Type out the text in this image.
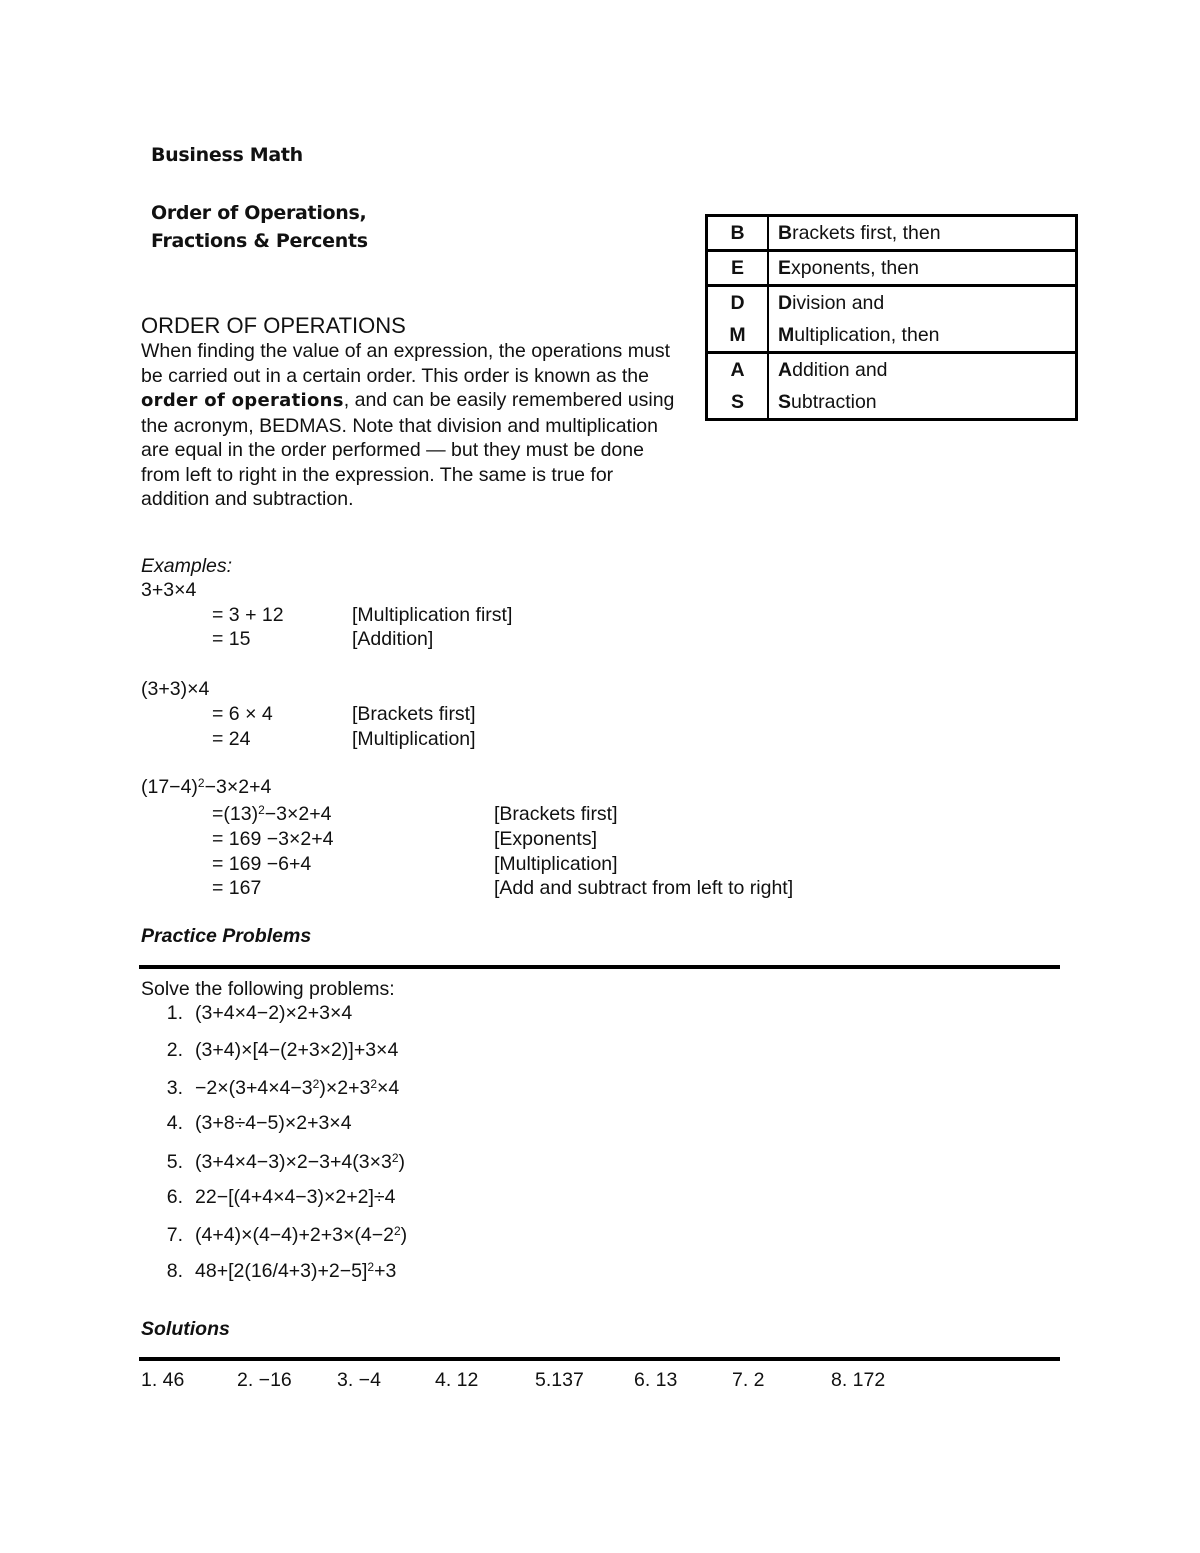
Business Math
Order of Operations,
Fractions & Percents	B	Brackets first, then
E	Exponents, then
D	Division and
M	Multiplication, then
A	Addition and
S	Subtraction
ORDER OF OPERATIONS
When finding the value of an expression, the operations must be carried out in a certain order. This order is known as the order of operations, and can be easily remembered using the acronym, BEDMAS. Note that division and multiplication are equal in the order performed — but they must be done from left to right in the expression. The same is true for addition and subtraction.
Examples:
3+3×4
= 3 + 12	[Multiplication first]
= 15	[Addition]
(3+3)×4
= 6 × 4	[Brackets first]
= 24	[Multiplication]
$(17-4)^2-3\times 2+4$
$=(13)^2-3\times 2+4$	[Brackets first]
= 169 −3×2+4	[Exponents]
= 169 −6+4	[Multiplication]
= 167	[Add and subtract from left to right]
Practice Problems
Solve the following problems:
1. (3+4×4−2)×2+3×4
2. (3+4)×[4−(2+3×2)]+3×4
3. $-2\times(3+4\times 4-3^2)\times 2+3^2\times 4$
4. (3+8÷4−5)×2+3×4
5. $(3+4\times 4-3)\times 2-3+4(3\times 3^2)$
6. 22−[(4+4×4−3)×2+2]÷4
7. $(4+4)\times(4-4)+2+3\times(4-2^2)$
8. $48+[2(16/4+3)+2-5]^2+3$
Solutions
1. 46	2. −16 3. −4	4. 12	5.137	6. 13	7. 2	8. 172
